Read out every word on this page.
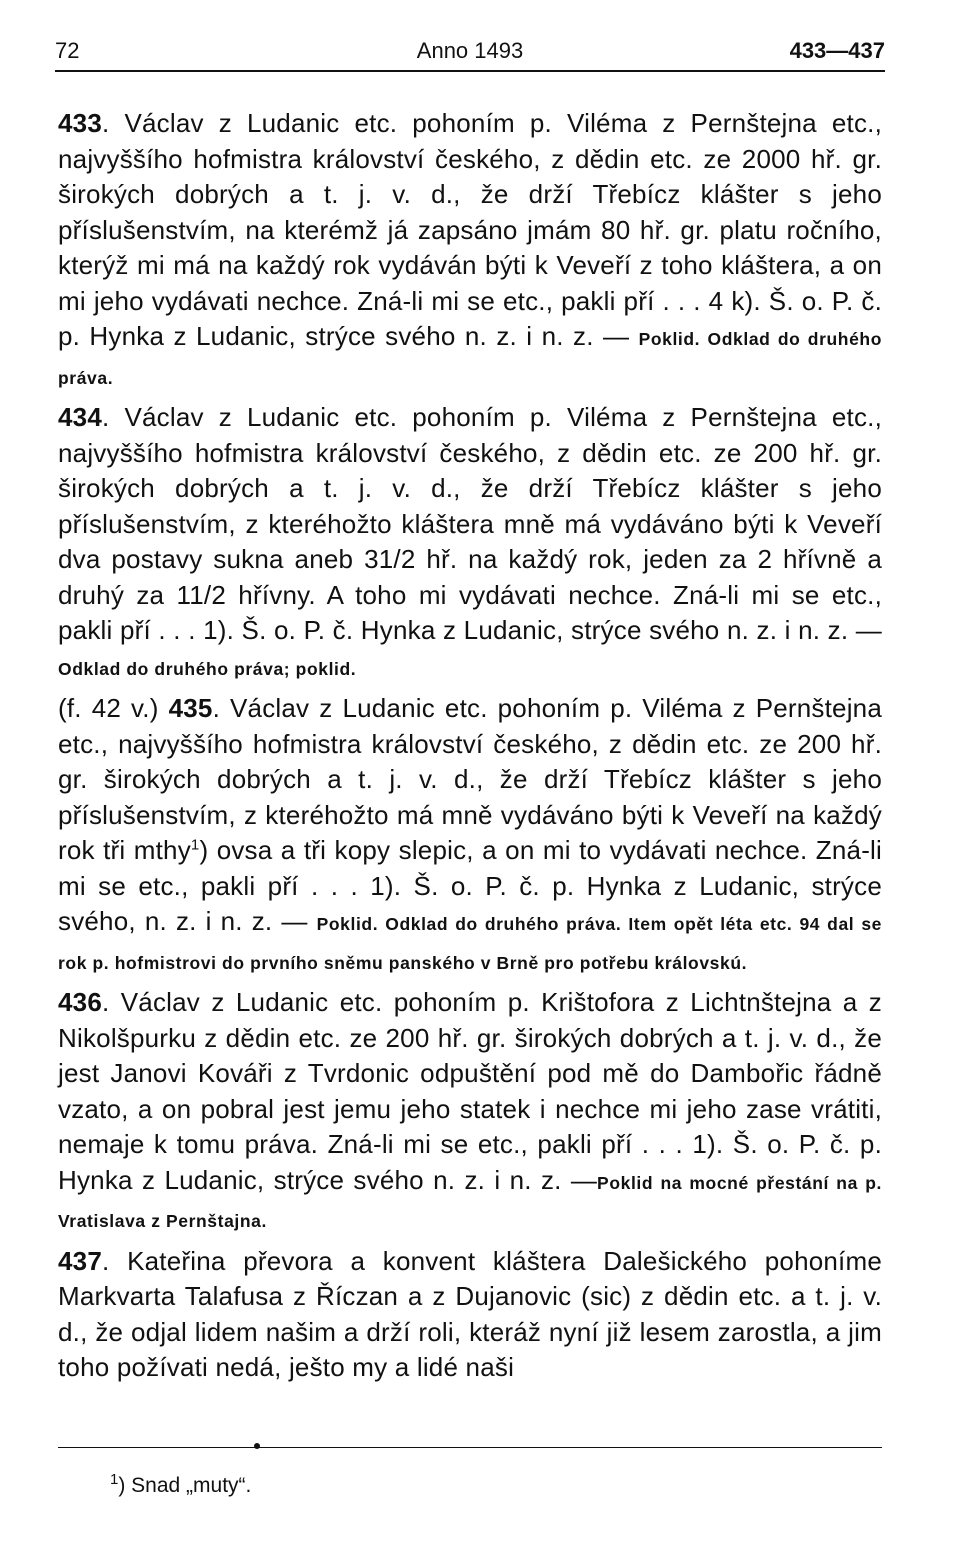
72	Anno 1493	433—437

433. Václav z Ludanic etc. pohoním p. Viléma z Pernštejna etc., najvyššího hofmistra království českého, z dědin etc. ze 2000 hř. gr. širokých dobrých a t. j. v. d., že drží Třebícz klášter s jeho příslušenstvím, na kterémž já zapsáno jmám 80 hř. gr. platu ročního, kterýž mi má na každý rok vydáván býti k Veveří z toho kláštera, a on mi jeho vydávati nechce. Zná-li mi se etc., pakli pří . . . 4 k). Š. o. P. č. p. Hynka z Ludanic, strýce svého n. z. i n. z. — Poklid. Odklad do druhého práva.

434. Václav z Ludanic etc. pohoním p. Viléma z Pernštejna etc., najvyššího hofmistra království českého, z dědin etc. ze 200 hř. gr. širokých dobrých a t. j. v. d., že drží Třebícz klášter s jeho příslušenstvím, z kteréhožto kláštera mně má vydáváno býti k Veveří dva postavy sukna aneb 31/2 hř. na každý rok, jeden za 2 hřívně a druhý za 11/2 hřívny. A toho mi vydávati nechce. Zná-li mi se etc., pakli pří . . . 1). Š. o. P. č. Hynka z Ludanic, strýce svého n. z. i n. z. — Odklad do druhého práva; poklid.

(f. 42 v.) 435. Václav z Ludanic etc. pohoním p. Viléma z Pernštejna etc., najvyššího hofmistra království českého, z dědin etc. ze 200 hř. gr. širokých dobrých a t. j. v. d., že drží Třebícz klášter s jeho příslušenstvím, z kteréhožto má mně vydáváno býti k Veveří na každý rok tři mthy$^1$) ovsa a tři kopy slepic, a on mi to vydávati nechce. Zná-li mi se etc., pakli pří . . . 1). Š. o. P. č. p. Hynka z Ludanic, strýce svého, n. z. i n. z. — Poklid. Odklad do druhého práva. Item opět léta etc. 94 dal se rok p. hofmistrovi do prvního sněmu panského v Brně pro potřebu královskú.

436. Václav z Ludanic etc. pohoním p. Krištofora z Lichtnštejna a z Nikolšpurku z dědin etc. ze 200 hř. gr. širokých dobrých a t. j. v. d., že jest Janovi Kováři z Tvrdonic odpuštění pod mě do Dambořic řádně vzato, a on pobral jest jemu jeho statek i nechce mi jeho zase vrátiti, nemaje k tomu práva. Zná-li mi se etc., pakli pří . . . 1). Š. o. P. č. p. Hynka z Ludanic, strýce svého n. z. i n. z. —Poklid na mocné přestání na p. Vratislava z Pernštajna.

437. Kateřina převora a konvent kláštera Dalešického pohoníme Markvarta Talafusa z Říczan a z Dujanovic (sic) z dědin etc. a t. j. v. d., že odjal lidem našim a drží roli, kteráž nyní již lesem zarostla, a jim toho požívati nedá, ješto my a lidé naši

$^1$) Snad „muty“.
